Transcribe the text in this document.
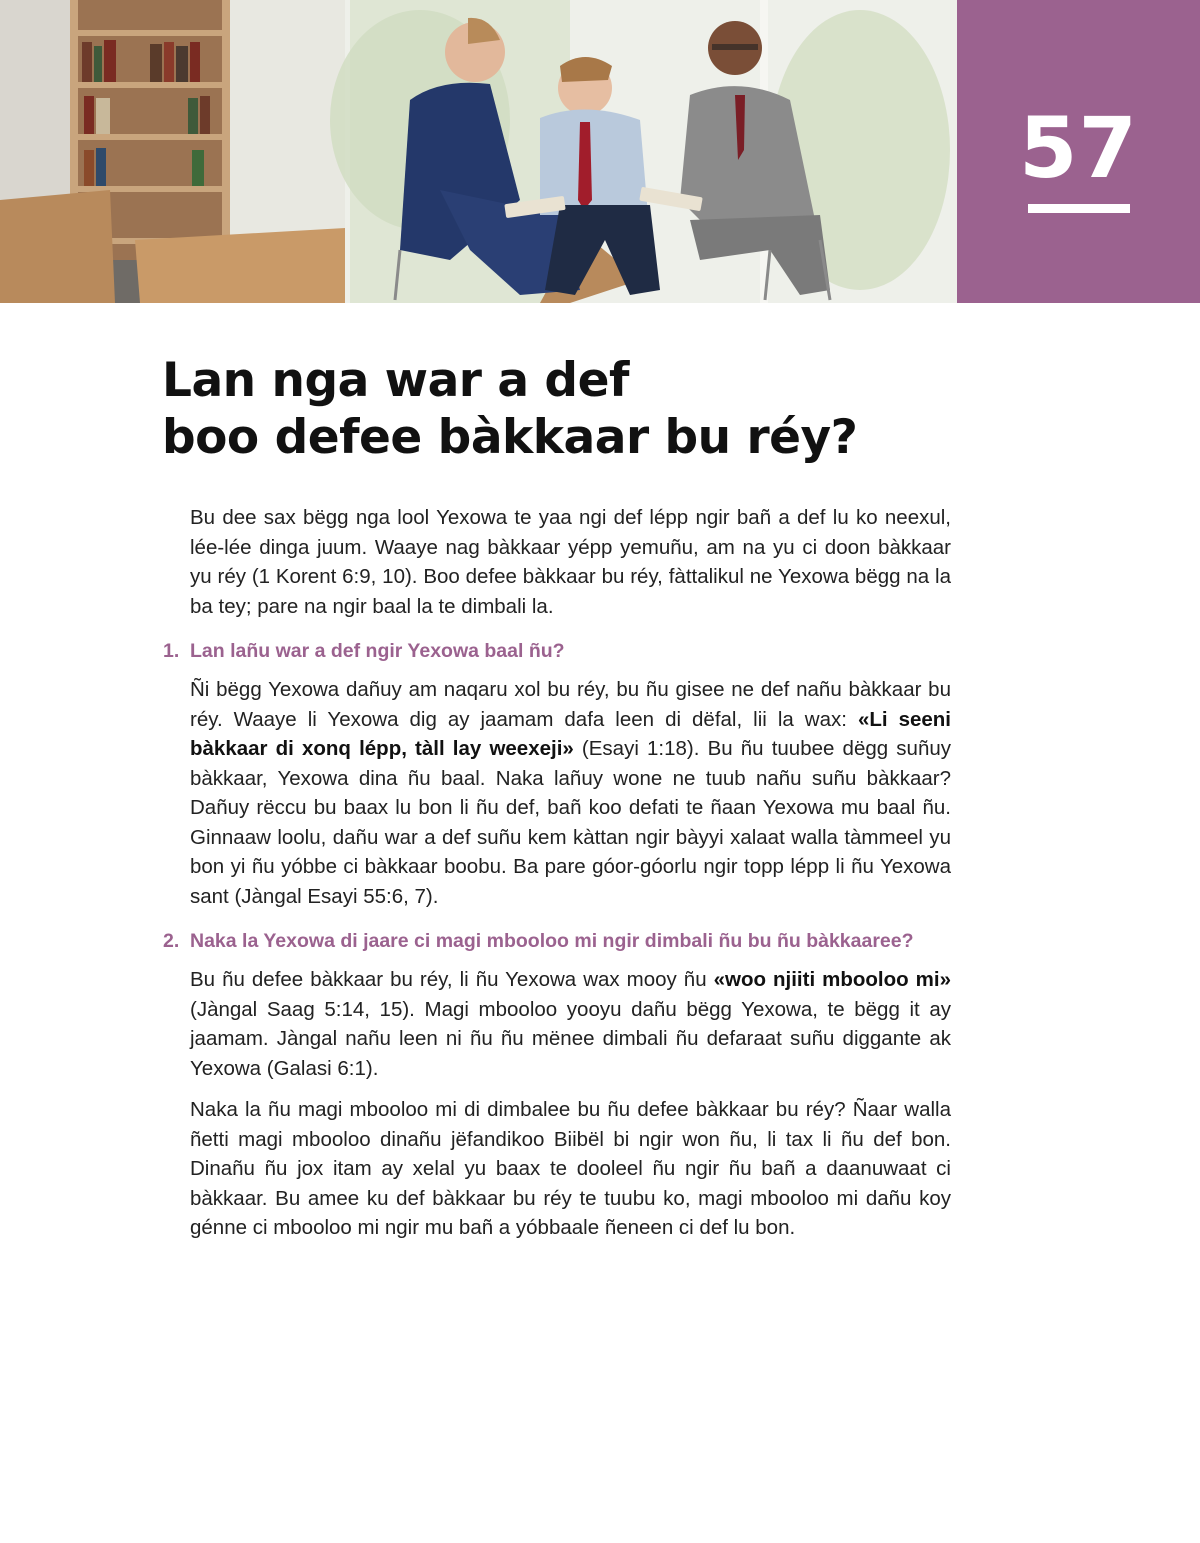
57
Lan nga war a def
boo defee bàkkaar bu réy?

Bu dee sax bëgg nga lool Yexowa te yaa ngi def lépp ngir bañ a def lu ko neexul, lée-lée dinga juum. Waaye nag bàkkaar yépp yemuñu, am na yu ci doon bàkkaar yu réy (1 Korent 6:9, 10). Boo defee bàkkaar bu réy, fàttalikul ne Yexowa bëgg na la ba tey; pare na ngir baal la te dimbali la.

1. Lan lañu war a def ngir Yexowa baal ñu?

Ñi bëgg Yexowa dañuy am naqaru xol bu réy, bu ñu gisee ne def nañu bàkkaar bu réy. Waaye li Yexowa dig ay jaamam dafa leen di dëfal, lii la wax: «Li seeni bàkkaar di xonq lépp, tàll lay weexeji» (Esayi 1:18). Bu ñu tuubee dëgg suñuy bàkkaar, Yexowa dina ñu baal. Naka lañuy wone ne tuub nañu suñu bàkkaar? Dañuy rëccu bu baax lu bon li ñu def, bañ koo defati te ñaan Yexowa mu baal ñu. Ginnaaw loolu, dañu war a def suñu kem kàttan ngir bàyyi xalaat walla tàmmeel yu bon yi ñu yóbbe ci bàkkaar boobu. Ba pare góor-góorlu ngir topp lépp li ñu Yexowa sant (Jàngal Esayi 55:6, 7).

2. Naka la Yexowa di jaare ci magi mbooloo mi ngir dimbali ñu bu ñu bàkkaaree?

Bu ñu defee bàkkaar bu réy, li ñu Yexowa wax mooy ñu «woo njiiti mbooloo mi» (Jàngal Saag 5:14, 15). Magi mbooloo yooyu dañu bëgg Yexowa, te bëgg it ay jaamam. Jàngal nañu leen ni ñu ñu mënee dimbali ñu defaraat suñu diggante ak Yexowa (Galasi 6:1).

Naka la ñu magi mbooloo mi di dimbalee bu ñu defee bàkkaar bu réy? Ñaar walla ñetti magi mbooloo dinañu jëfandikoo Biibël bi ngir won ñu, li tax li ñu def bon. Dinañu ñu jox itam ay xelal yu baax te dooleel ñu ngir ñu bañ a daanuwaat ci bàkkaar. Bu amee ku def bàkkaar bu réy te tuubu ko, magi mbooloo mi dañu koy génne ci mbooloo mi ngir mu bañ a yóbbaale ñeneen ci def lu bon.
